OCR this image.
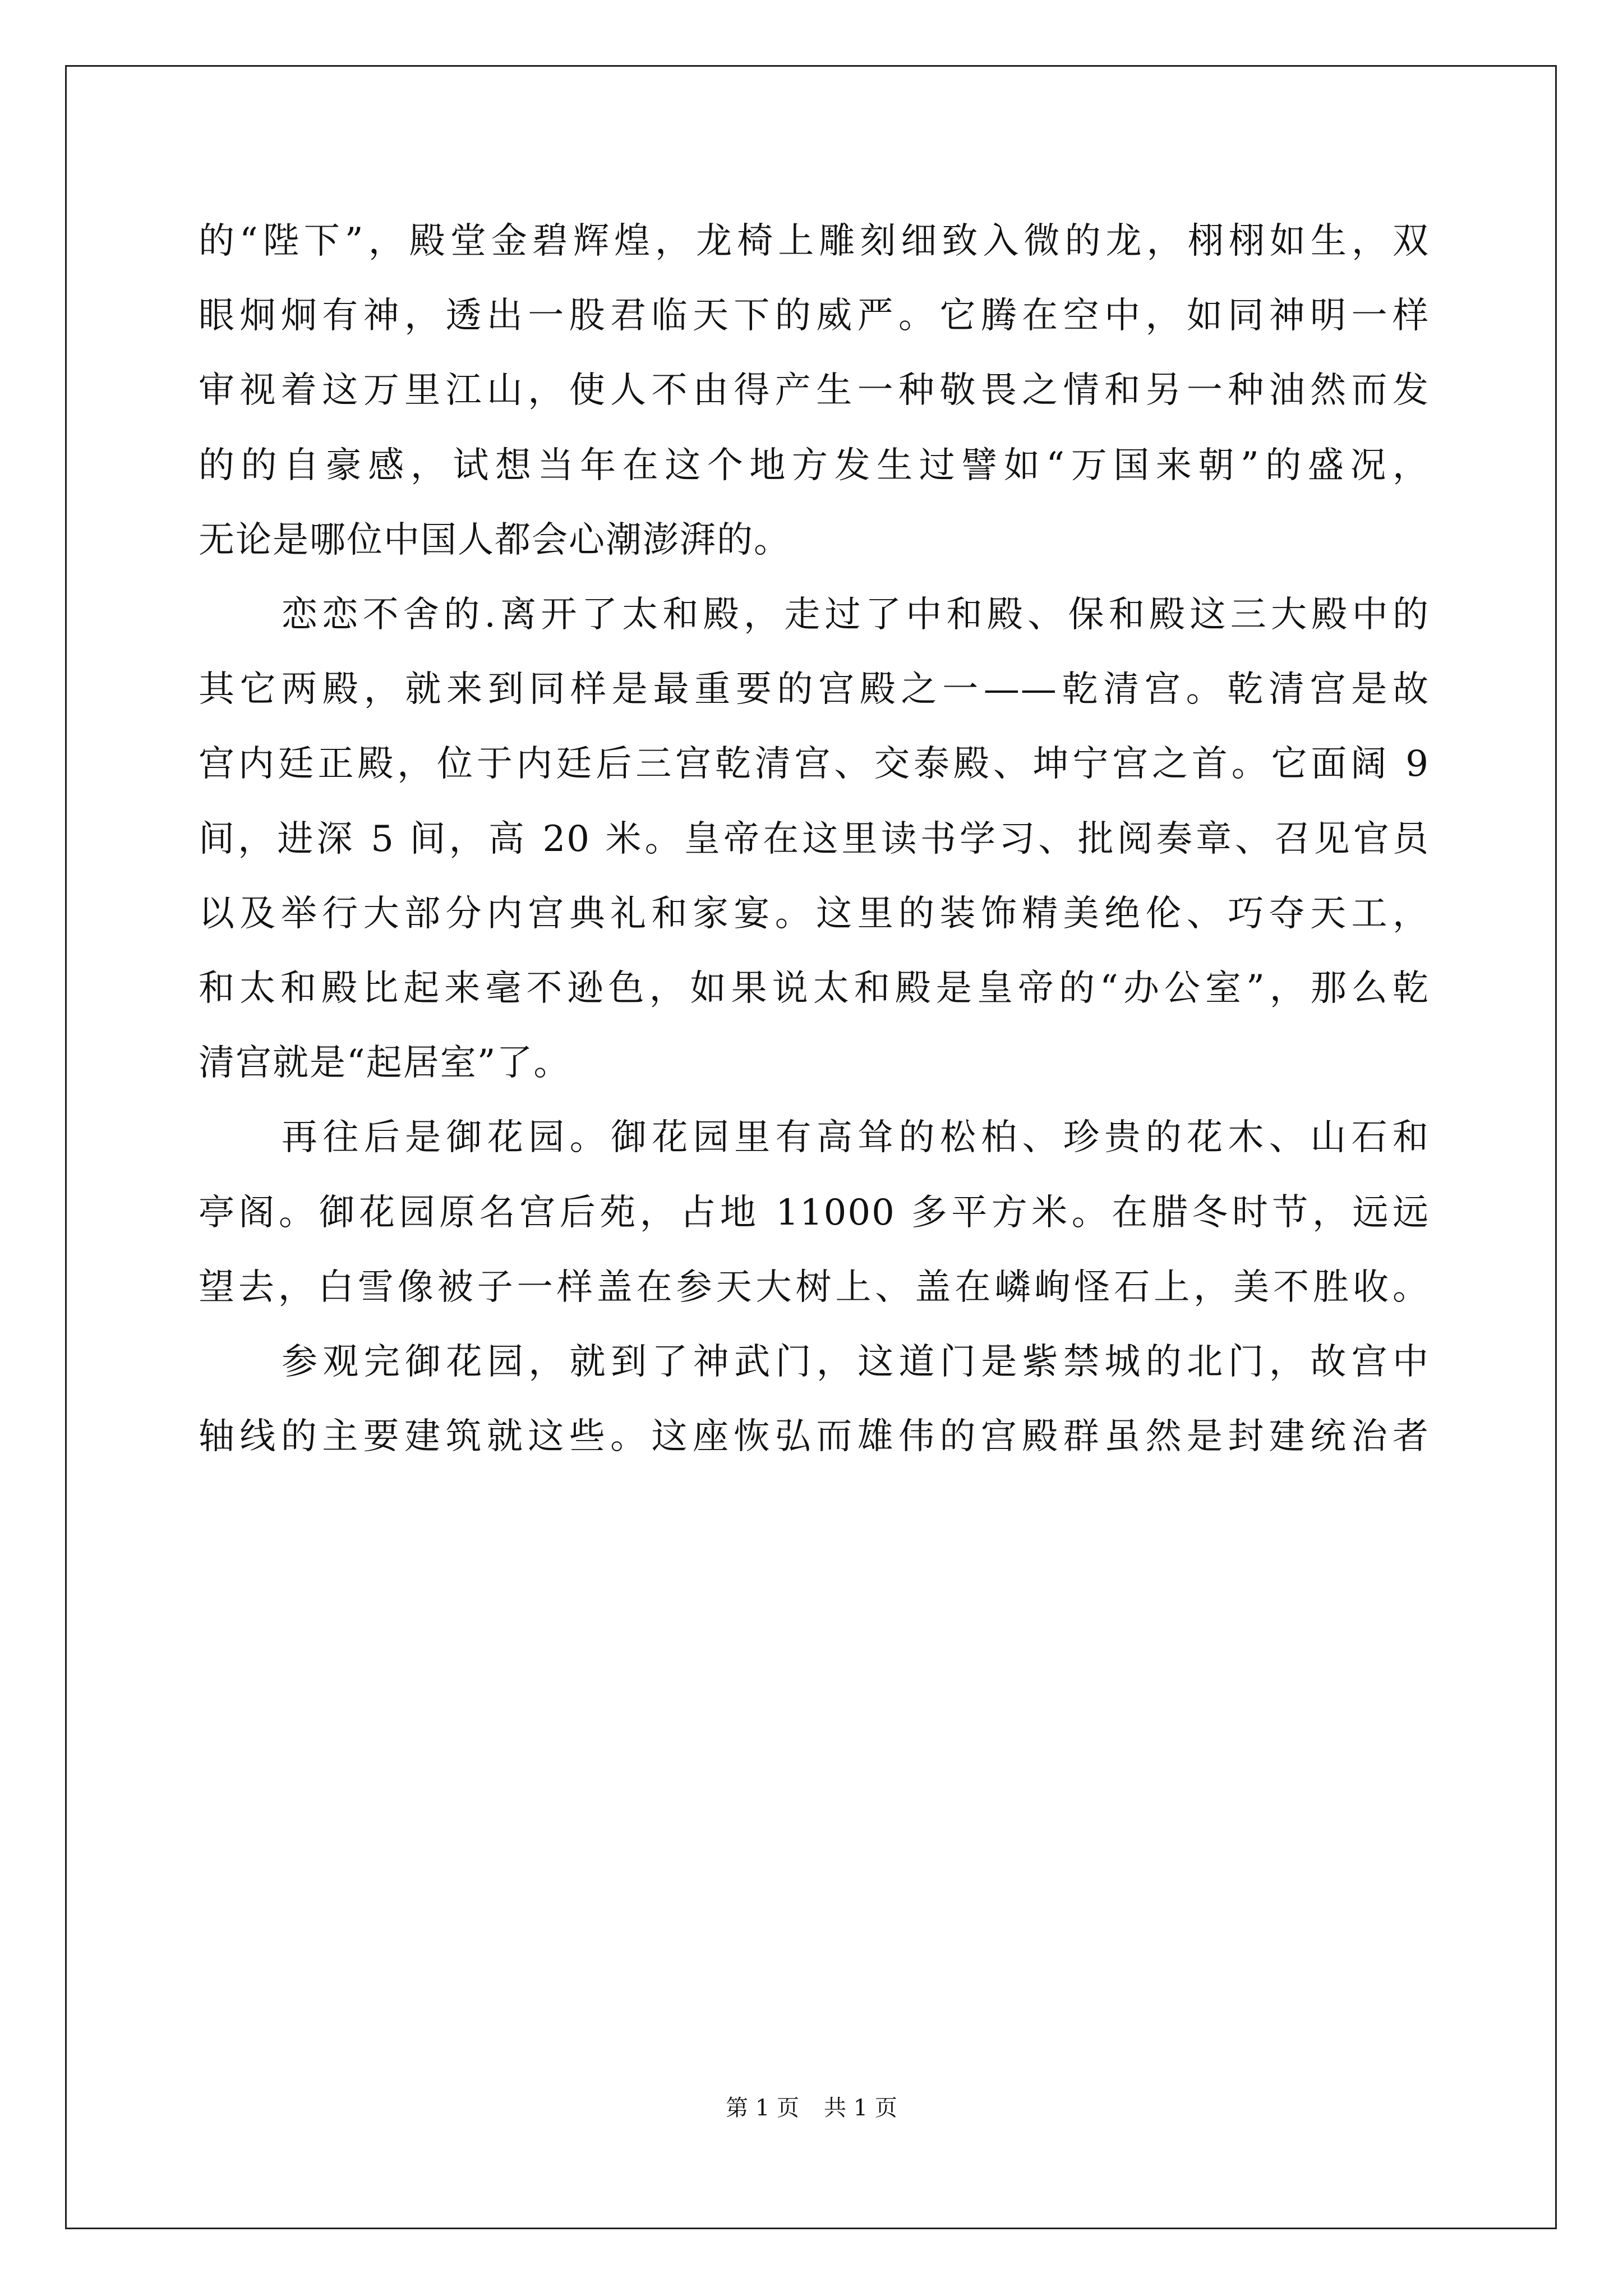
的“陛下”，殿堂金碧辉煌，龙椅上雕刻细致入微的龙，栩栩如生，双
眼炯炯有神，透出一股君临天下的威严。它腾在空中，如同神明一样
审视着这万里江山，使人不由得产生一种敬畏之情和另一种油然而发
的的自豪感，试想当年在这个地方发生过譬如“万国来朝”的盛况，
无论是哪位中国人都会心潮澎湃的。
恋恋不舍的.离开了太和殿，走过了中和殿、保和殿这三大殿中的
其它两殿，就来到同样是最重要的宫殿之一——乾清宫。乾清宫是故
宫内廷正殿，位于内廷后三宫乾清宫、交泰殿、坤宁宫之首。它面阔 9
间，进深 5 间，高 20 米。皇帝在这里读书学习、批阅奏章、召见官员
以及举行大部分内宫典礼和家宴。这里的装饰精美绝伦、巧夺天工，
和太和殿比起来毫不逊色，如果说太和殿是皇帝的“办公室”，那么乾
清宫就是“起居室”了。
再往后是御花园。御花园里有高耸的松柏、珍贵的花木、山石和
亭阁。御花园原名宫后苑，占地 11000 多平方米。在腊冬时节，远远
望去，白雪像被子一样盖在参天大树上、盖在嶙峋怪石上，美不胜收。
参观完御花园，就到了神武门，这道门是紫禁城的北门，故宫中
轴线的主要建筑就这些。这座恢弘而雄伟的宫殿群虽然是封建统治者
第 1 页 共 1 页
